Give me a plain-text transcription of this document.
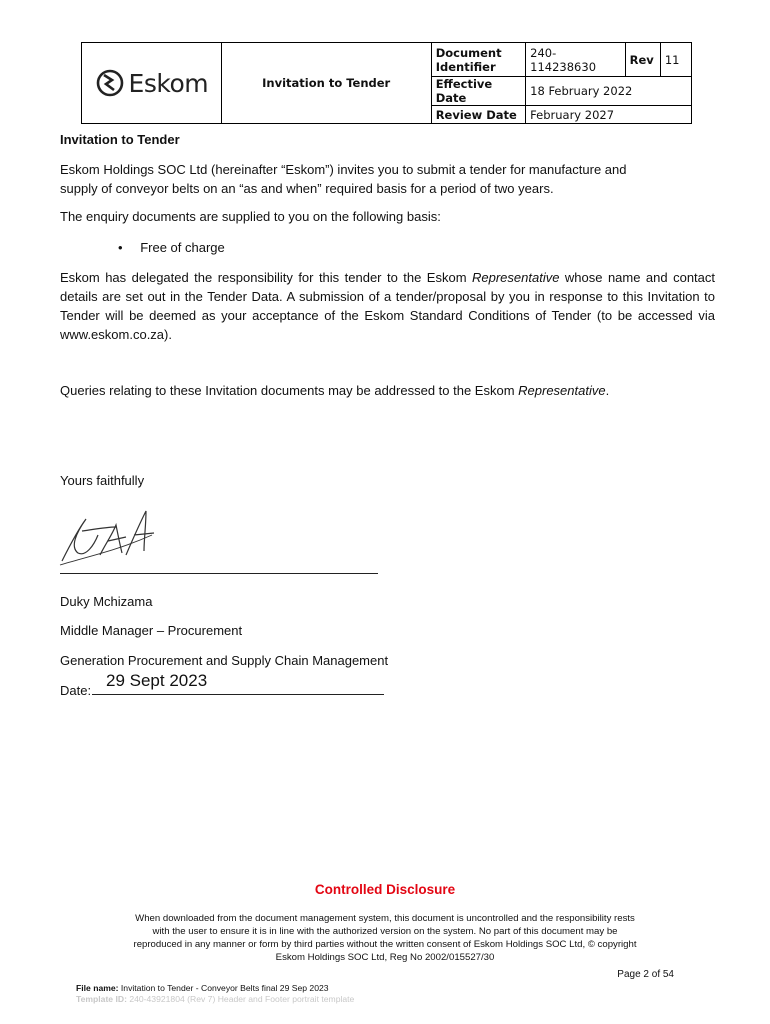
Eskom	Invitation to Tender	Document Identifier	240-114238630	Rev	11
		Effective Date	18 February 2022		
		Review Date	February 2027		
Invitation to Tender
Eskom Holdings SOC Ltd (hereinafter “Eskom”) invites you to submit a tender for manufacture and
supply of conveyor belts on an “as and when” required basis for a period of two years.
The enquiry documents are supplied to you on the following basis:
• Free of charge
Eskom has delegated the responsibility for this tender to the Eskom Representative whose name and contact details are set out in the Tender Data. A submission of a tender/proposal by you in response to this Invitation to Tender will be deemed as your acceptance of the Eskom Standard Conditions of Tender (to be accessed via www.eskom.co.za).
Queries relating to these Invitation documents may be addressed to the Eskom Representative.
Yours faithfully
Duky Mchizama
Middle Manager – Procurement
Generation Procurement and Supply Chain Management
Date:
29 Sept 2023
Controlled Disclosure
When downloaded from the document management system, this document is uncontrolled and the responsibility rests
with the user to ensure it is in line with the authorized version on the system. No part of this document may be
reproduced in any manner or form by third parties without the written consent of Eskom Holdings SOC Ltd, © copyright
Eskom Holdings SOC Ltd, Reg No 2002/015527/30
Page 2 of 54
File name: Invitation to Tender - Conveyor Belts final 29 Sep 2023
Template ID: 240-43921804 (Rev 7) Header and Footer portrait template
